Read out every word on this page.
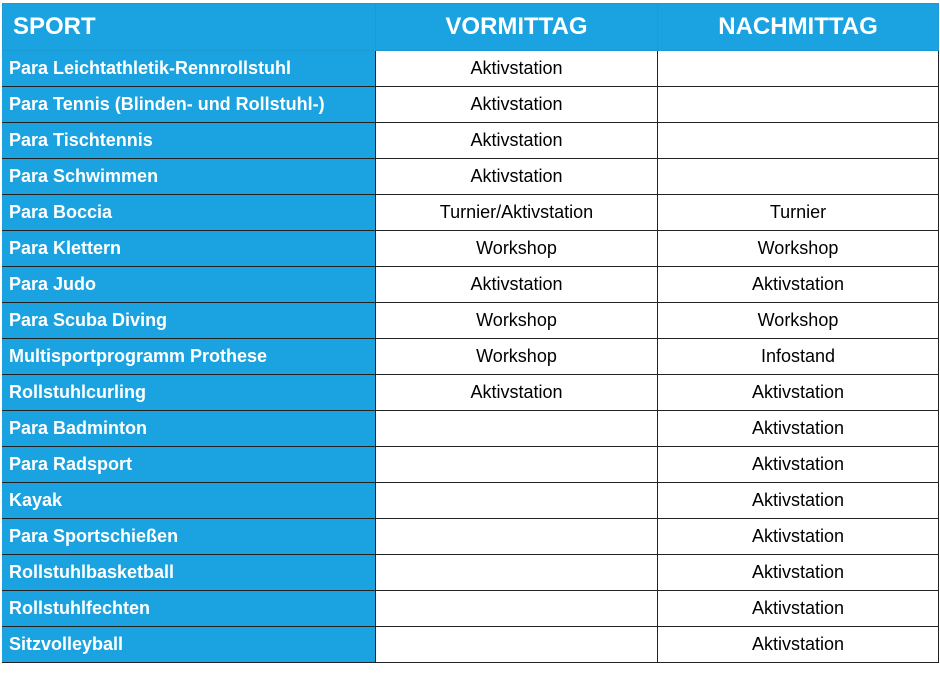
SPORT	VORMITTAG	NACHMITTAG
Para Leichtathletik-Rennrollstuhl	Aktivstation	
Para Tennis (Blinden- und Rollstuhl-)	Aktivstation	
Para Tischtennis	Aktivstation	
Para Schwimmen	Aktivstation	
Para Boccia	Turnier/Aktivstation	Turnier
Para Klettern	Workshop	Workshop
Para Judo	Aktivstation	Aktivstation
Para Scuba Diving	Workshop	Workshop
Multisportprogramm Prothese	Workshop	Infostand
Rollstuhlcurling	Aktivstation	Aktivstation
Para Badminton		Aktivstation
Para Radsport		Aktivstation
Kayak		Aktivstation
Para Sportschießen		Aktivstation
Rollstuhlbasketball		Aktivstation
Rollstuhlfechten		Aktivstation
Sitzvolleyball		Aktivstation
